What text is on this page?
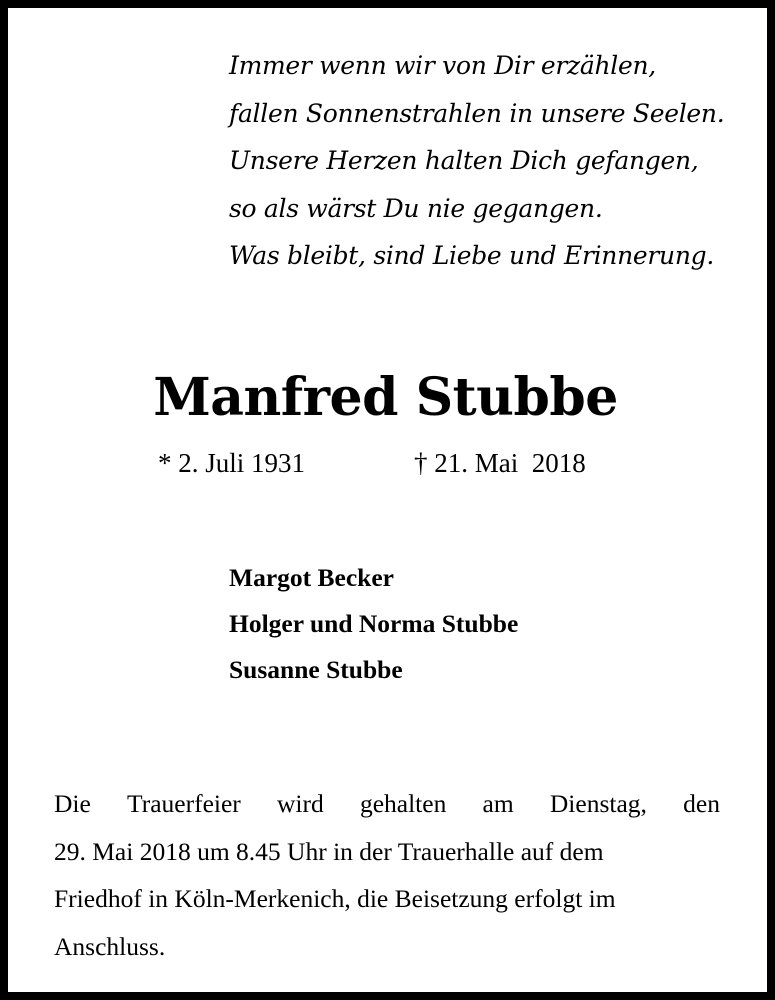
Immer wenn wir von Dir erzählen,
fallen Sonnenstrahlen in unsere Seelen.
Unsere Herzen halten Dich gefangen,
so als wärst Du nie gegangen.
Was bleibt, sind Liebe und Erinnerung.
Manfred Stubbe
* 2. Juli 1931	† 21. Mai  2018
Margot Becker
Holger und Norma Stubbe
Susanne Stubbe
Die Trauerfeier wird gehalten am Dienstag, den
29. Mai 2018 um 8.45 Uhr in der Trauerhalle auf dem
Friedhof in Köln-Merkenich, die Beisetzung erfolgt im
Anschluss.
